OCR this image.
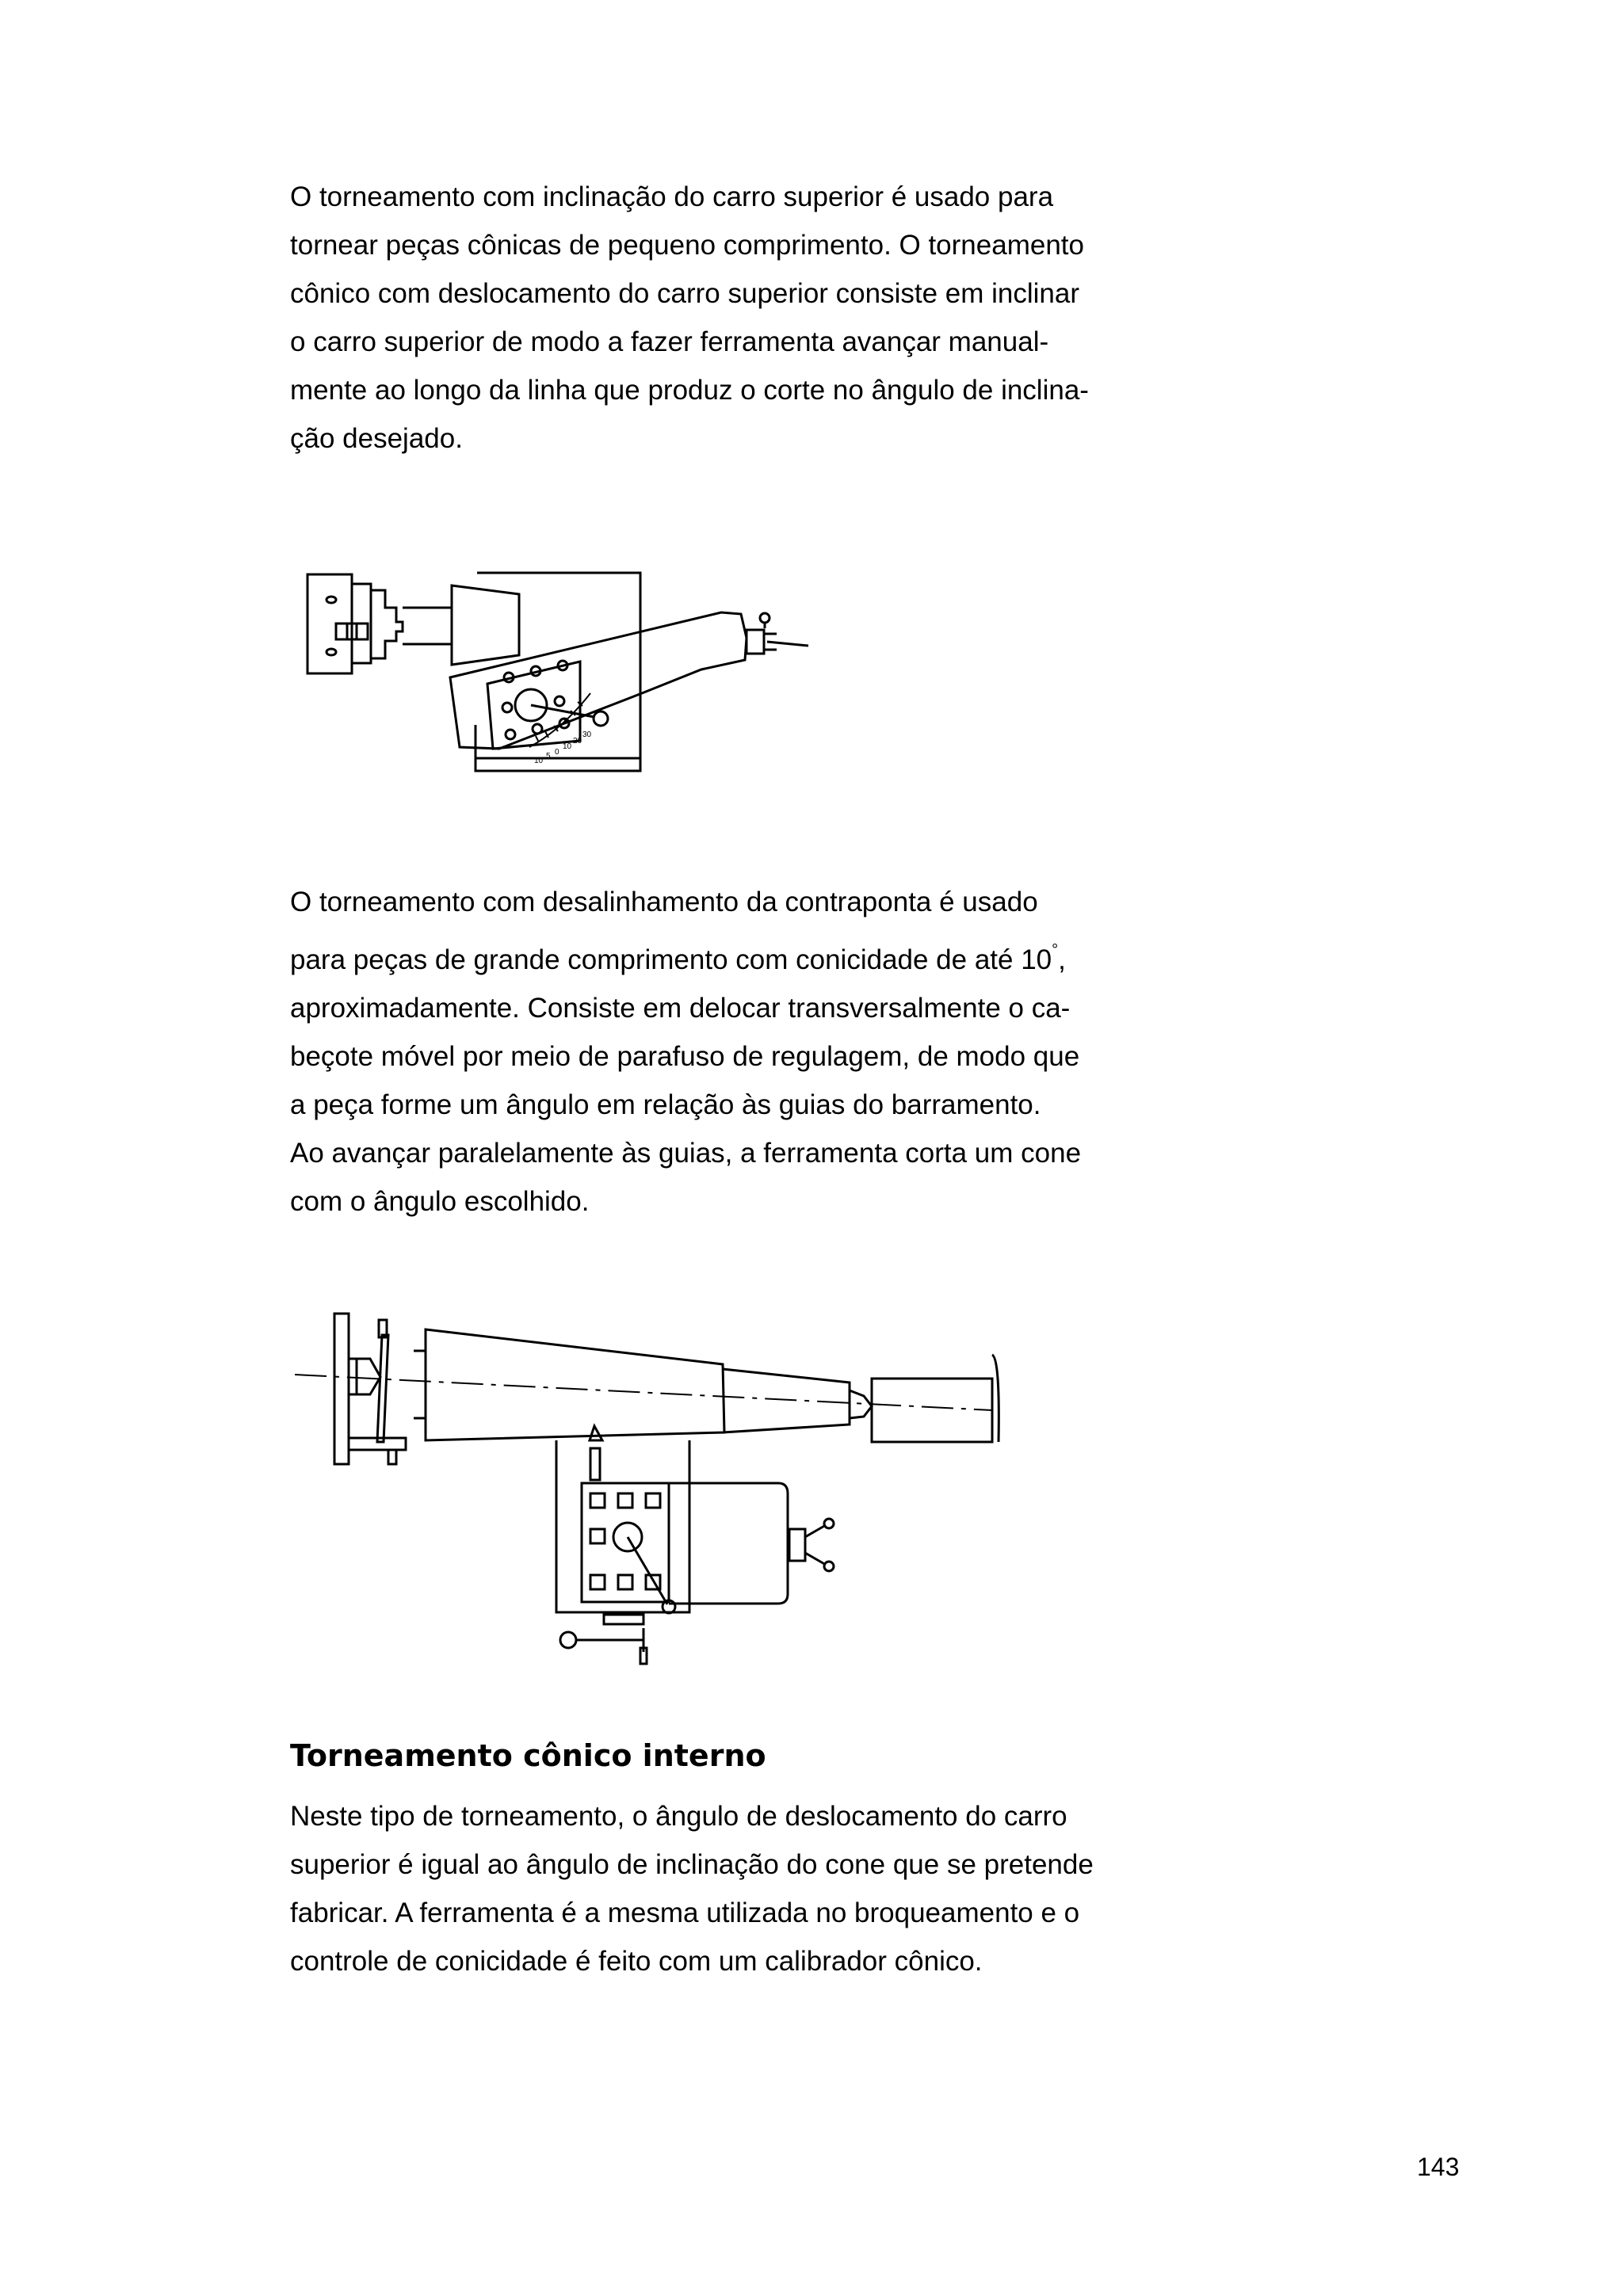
O torneamento com inclinação do carro superior é usado para
tornear peças cônicas de pequeno comprimento. O torneamento
cônico com deslocamento do carro superior consiste em inclinar
o carro superior de modo a fazer ferramenta avançar manual-
mente ao longo da linha que produz o corte no ângulo de inclina-
ção desejado.
10
5 0
10
20
30
O torneamento com desalinhamento da contraponta é usado
para peças de grande comprimento com conicidade de até 10°,
aproximadamente. Consiste em delocar transversalmente o ca-
beçote móvel por meio de parafuso de regulagem, de modo que
a peça forme um ângulo em relação às guias do barramento.
Ao avançar paralelamente às guias, a ferramenta corta um cone
com o ângulo escolhido.
Torneamento cônico interno
Neste tipo de torneamento, o ângulo de deslocamento do carro
superior é igual ao ângulo de inclinação do cone que se pretende
fabricar. A ferramenta é a mesma utilizada no broqueamento e o
controle de conicidade é feito com um calibrador cônico.
143
